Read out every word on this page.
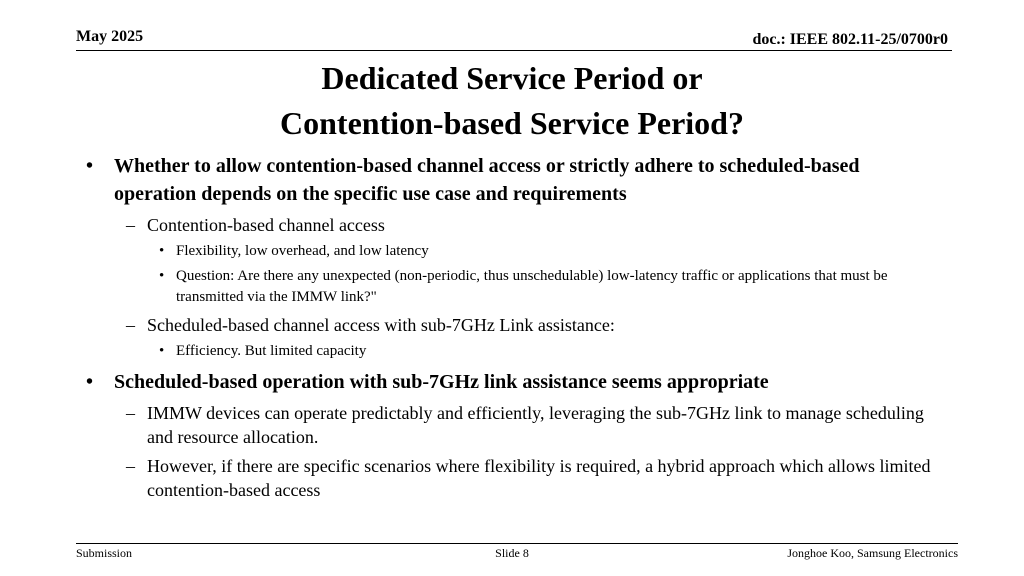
May 2025	doc.: IEEE 802.11-25/0700r0
Dedicated Service Period or
Contention-based Service Period?
• Whether to allow contention-based channel access or strictly adhere to scheduled-based operation depends on the specific use case and requirements
– Contention-based channel access
• Flexibility, low overhead, and low latency
• Question: Are there any unexpected (non-periodic, thus unschedulable) low-latency traffic or applications that must be transmitted via the IMMW link?"
– Scheduled-based channel access with sub-7GHz Link assistance:
• Efficiency. But limited capacity
• Scheduled-based operation with sub-7GHz link assistance seems appropriate
– IMMW devices can operate predictably and efficiently, leveraging the sub-7GHz link to manage scheduling and resource allocation.
– However, if there are specific scenarios where flexibility is required, a hybrid approach which allows limited contention-based access
Submission	Slide 8	Jonghoe Koo, Samsung Electronics
